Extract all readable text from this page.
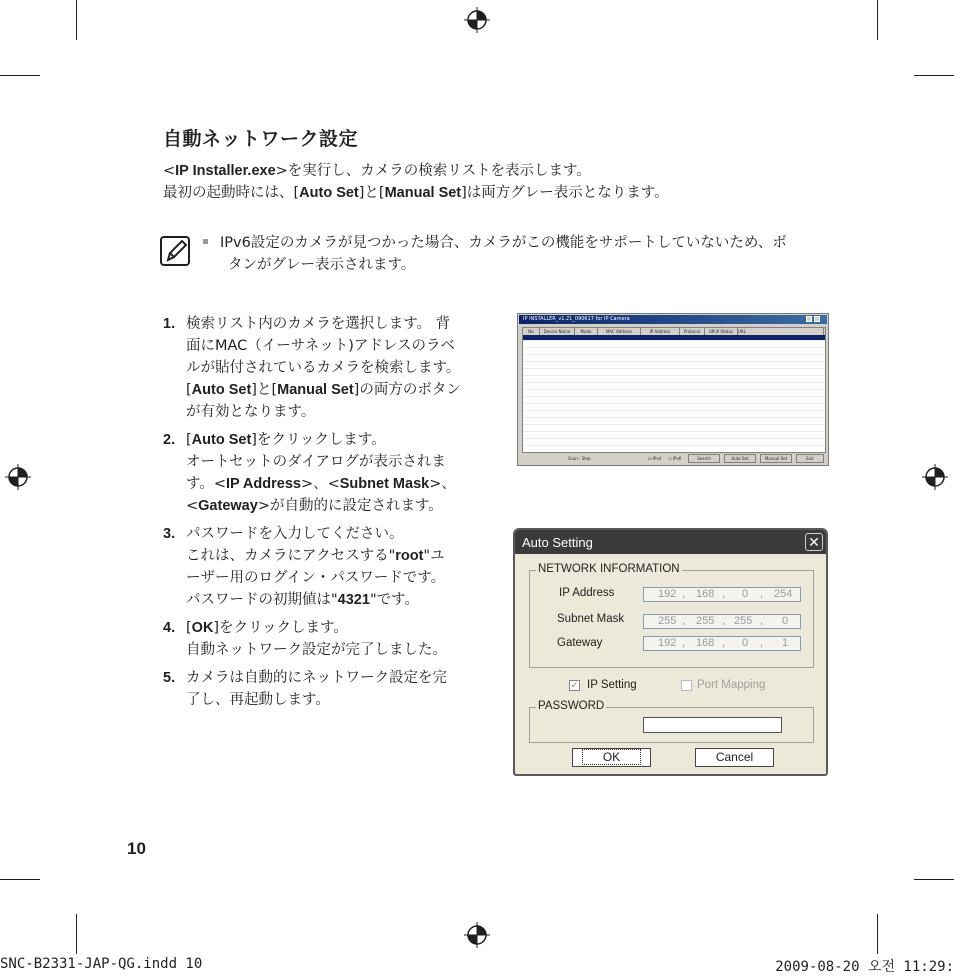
自動ネットワーク設定
<IP Installer.exe>を実行し、カメラの検索リストを表示します。
最初の起動時には、[Auto Set]と[Manual Set]は両方グレー表示となります。
IPv6設定のカメラが見つかった場合、カメラがこの機能をサポートしていないため、ボ
タンがグレー表示されます。
1. 検索リスト内のカメラを選択します。 背
面にMAC（イーサネット)アドレスのラベ
ルが貼付されているカメラを検索します。
[Auto Set]と[Manual Set]の両方のボタン
が有効となります。
2. [Auto Set]をクリックします。
オートセットのダイアログが表示されま
す。<IP Address>、<Subnet Mask>、
<Gateway>が自動的に設定されます。
3. パスワードを入力してください。
これは、カメラにアクセスする"root"ユ
ーザー用のログイン・パスワードです。
パスワードの初期値は"4321"です。
4. [OK]をクリックします。
自動ネットワーク設定が完了しました。
5. カメラは自動的にネットワーク設定を完
了し、再起動します。
IP INSTALLER_v1.21_090617 for IP Camera
No	Device Name	Mode	MAC Address	IP Address	Protocol	UPnP Status	URL
Scan : Stop	☑ IPv4 ☐ IPv6	Search	Auto Set	Manual Set	Exit
Auto Setting	✕
NETWORK INFORMATION
IP Address	192 , 168 , 0 , 254
Subnet Mask	255 , 255 , 255 , 0
Gateway	192 , 168 , 0 , 1
✓ IP Setting	Port Mapping
PASSWORD
OK	Cancel
10
SNC-B2331-JAP-QG.indd 10	2009-08-20 오전 11:29:
